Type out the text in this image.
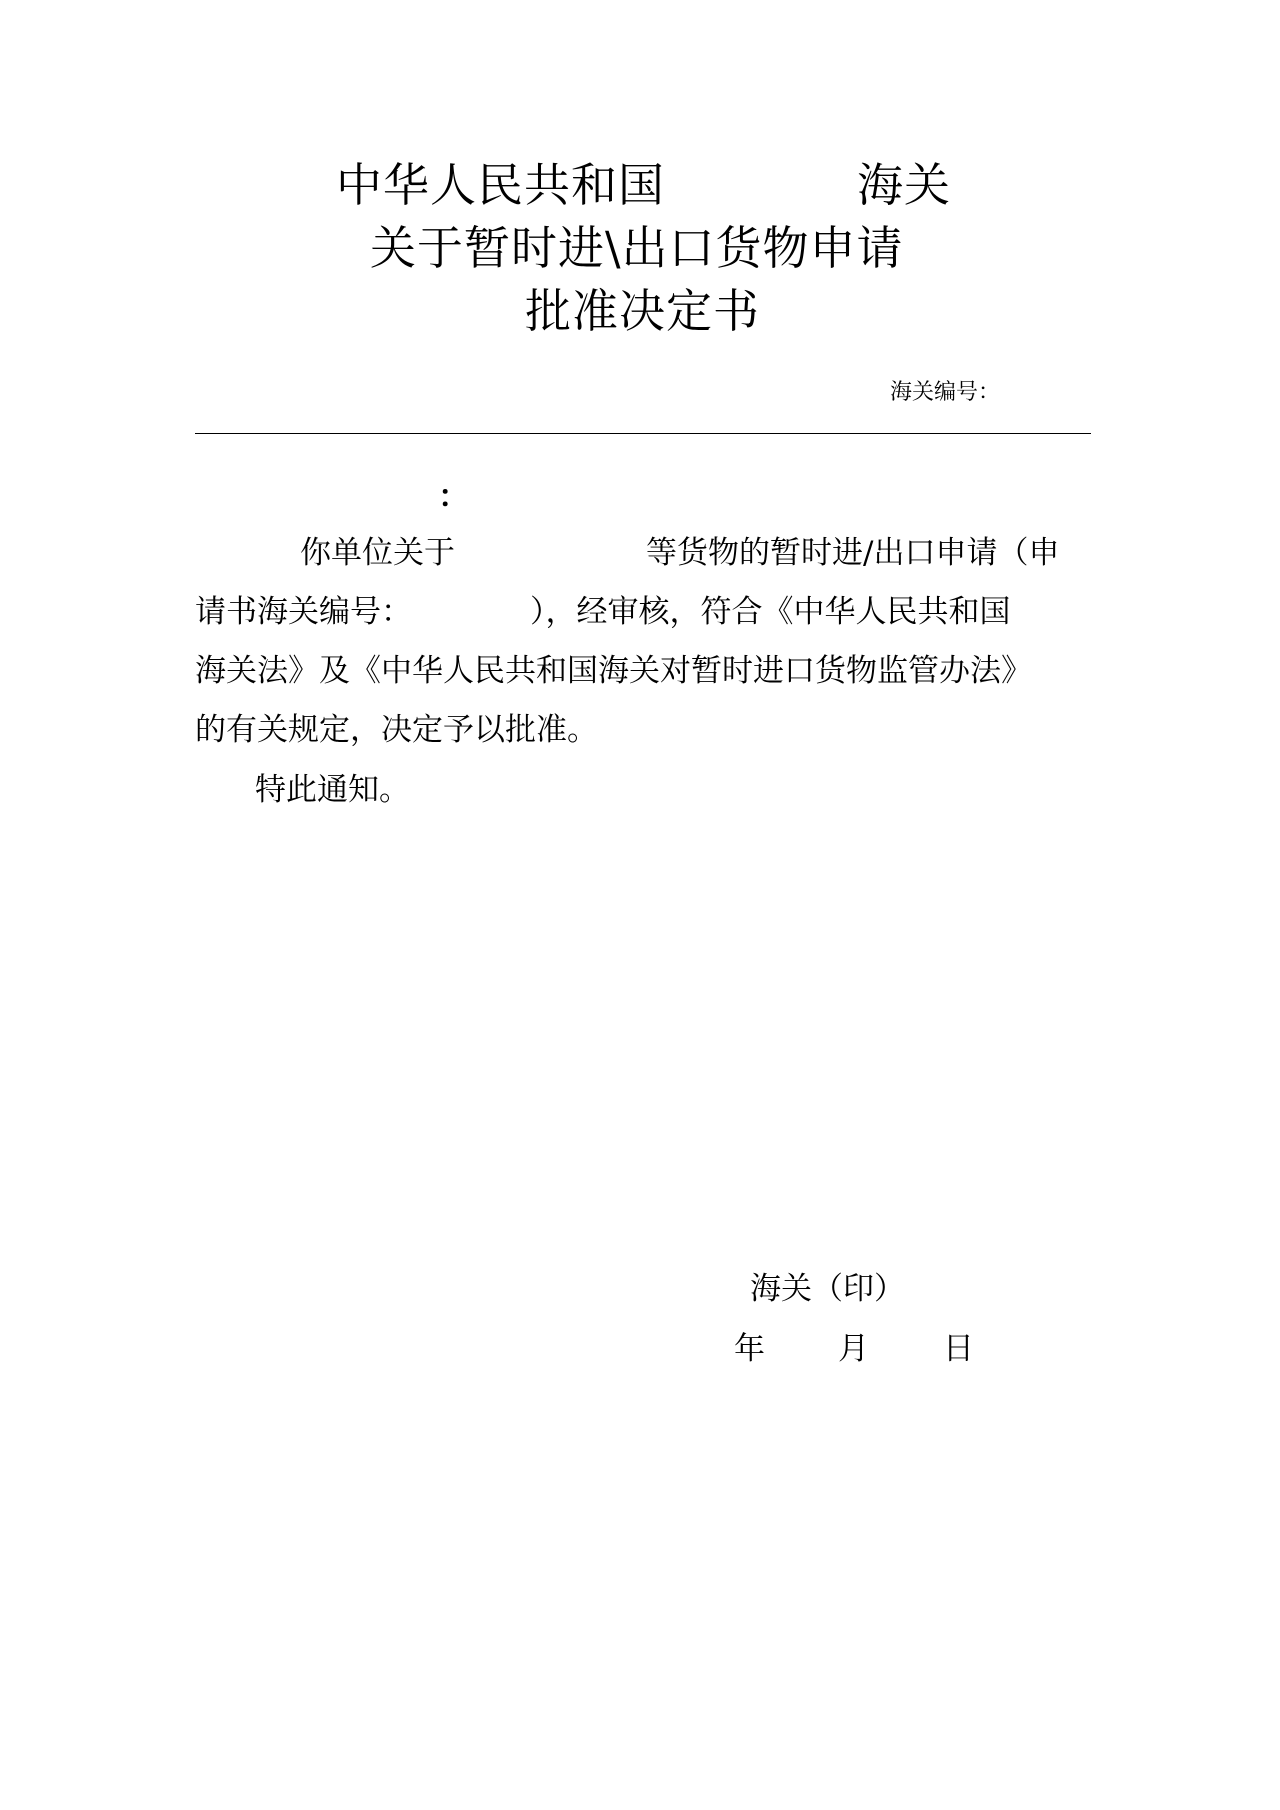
中华人民共和国	海关
关于暂时进\出口货物申请
批准决定书
海关编号：
：
你单位关于	等货物的暂时进/出口申请（申
请书海关编号：	），经审核，符合《中华人民共和国
海关法》及《中华人民共和国海关对暂时进口货物监管办法》
的有关规定，决定予以批准。
特此通知。
海关（印）
年 月 日
